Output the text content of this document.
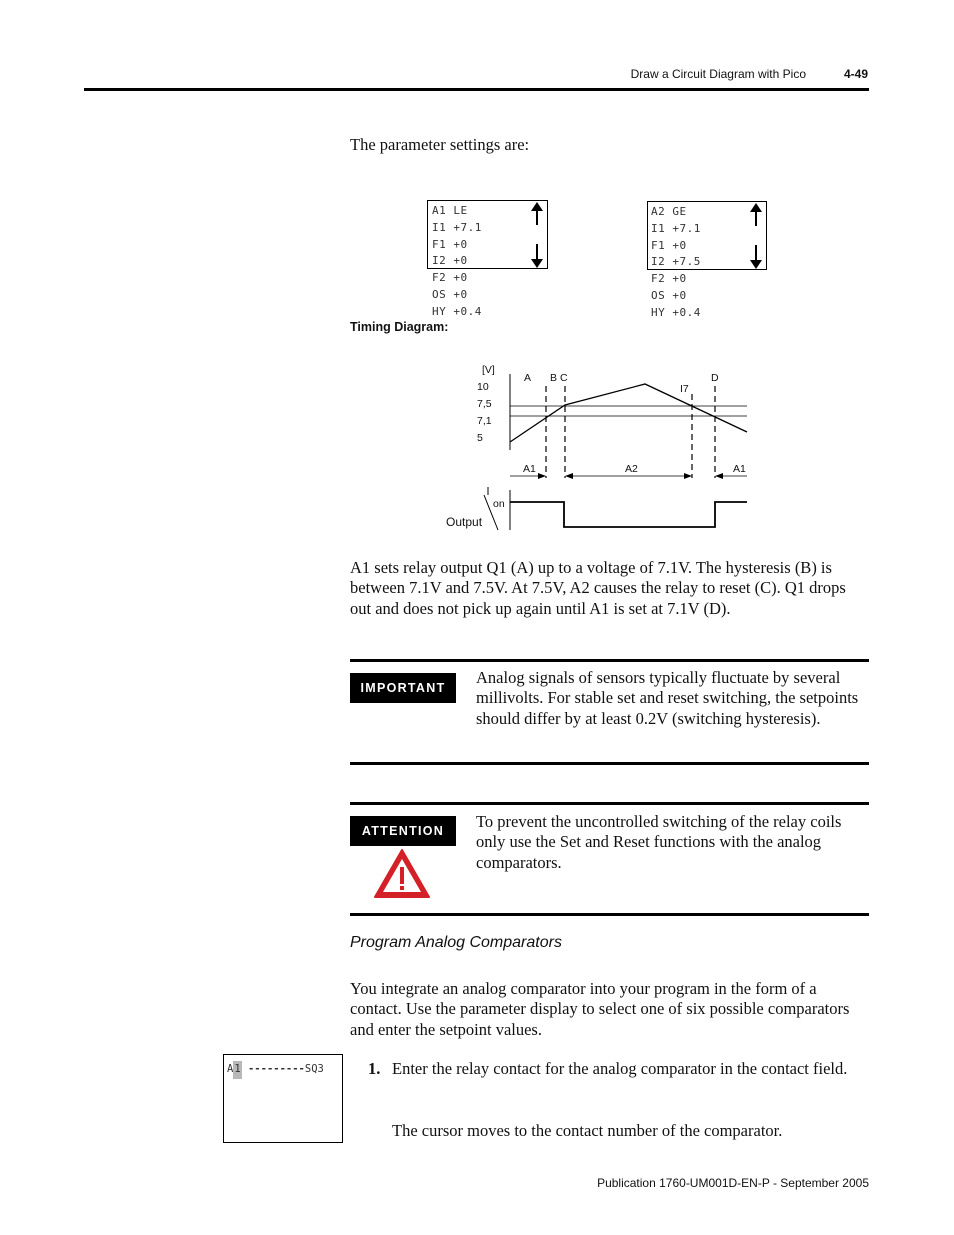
Draw a Circuit Diagram with Pico	4-49
The parameter settings are:
A1 LE
I1 +7.1
F1 +0
I2 +0
F2 +0
OS +0
HY +0.4
A2 GE
I1 +7.1
F1 +0
I2 +7.5
F2 +0
OS +0
HY +0.4
Timing Diagram:
[V]
10
7,5
7,1
5
A B C	D
I7
A1	A2	A1
on
Output
A1 sets relay output Q1 (A) up to a voltage of 7.1V. The hysteresis (B) is between 7.1V and 7.5V. At 7.5V, A2 causes the relay to reset (C). Q1 drops out and does not pick up again until A1 is set at 7.1V (D).
IMPORTANT
Analog signals of sensors typically fluctuate by several millivolts. For stable set and reset switching, the setpoints should differ by at least 0.2V (switching hysteresis).
ATTENTION	To prevent the uncontrolled switching of the relay coils only use the Set and Reset functions with the analog comparators.
Program Analog Comparators
You integrate an analog comparator into your program in the form of a contact. Use the parameter display to select one of six possible comparators and enter the setpoint values.
A1 ---------SQ3	1. Enter the relay contact for the analog comparator in the contact field.
The cursor moves to the contact number of the comparator.
Publication 1760-UM001D-EN-P - September 2005
